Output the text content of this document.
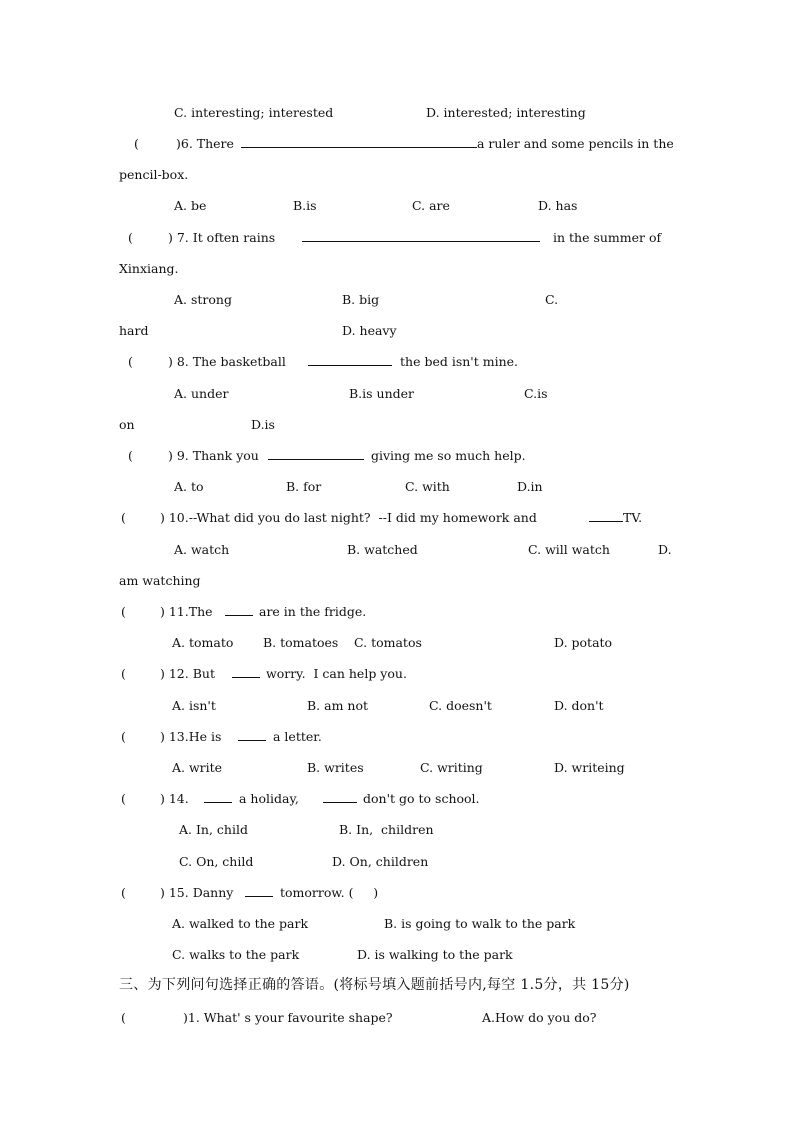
C. interesting; interested	D. interested; interesting
(	)6. There	a ruler and some pencils in the
pencil-box.
A. be	B.is	C. are	D. has
(	) 7. It often rains	in the summer of
Xinxiang.
A. strong	B. big	C.
hard	D. heavy
(	) 8. The basketball	the bed isn't mine.
A. under	B.is under	C.is
on	D.is
(	) 9. Thank you	giving me so much help.
A. to	B. for	C. with	D.in
(	) 10.--What did you do last night?  --I did my homework and	TV.
A. watch	B. watched	C. will watch	D.
am watching
(	) 11.The	are in the fridge.
A. tomato B. tomatoes C. tomatos	D. potato
(	) 12. But	worry.  I can help you.
A. isn't	B. am not	C. doesn't	D. don't
(	) 13.He is	a letter.
A. write	B. writes	C. writing	D. writeing
(	) 14.	a holiday,	don't go to school.
A. In, child	B. In,  children
C. On, child	D. On, children
(	) 15. Danny	tomorrow. (     )
A. walked to the park	B. is going to walk to the park
C. walks to the park	D. is walking to the park
三、为下列问句选择正确的答语。(将标号填入题前括号内,每空 1.5分，共 15分)
(	)1. What' s your favourite shape?	A.How do you do?
